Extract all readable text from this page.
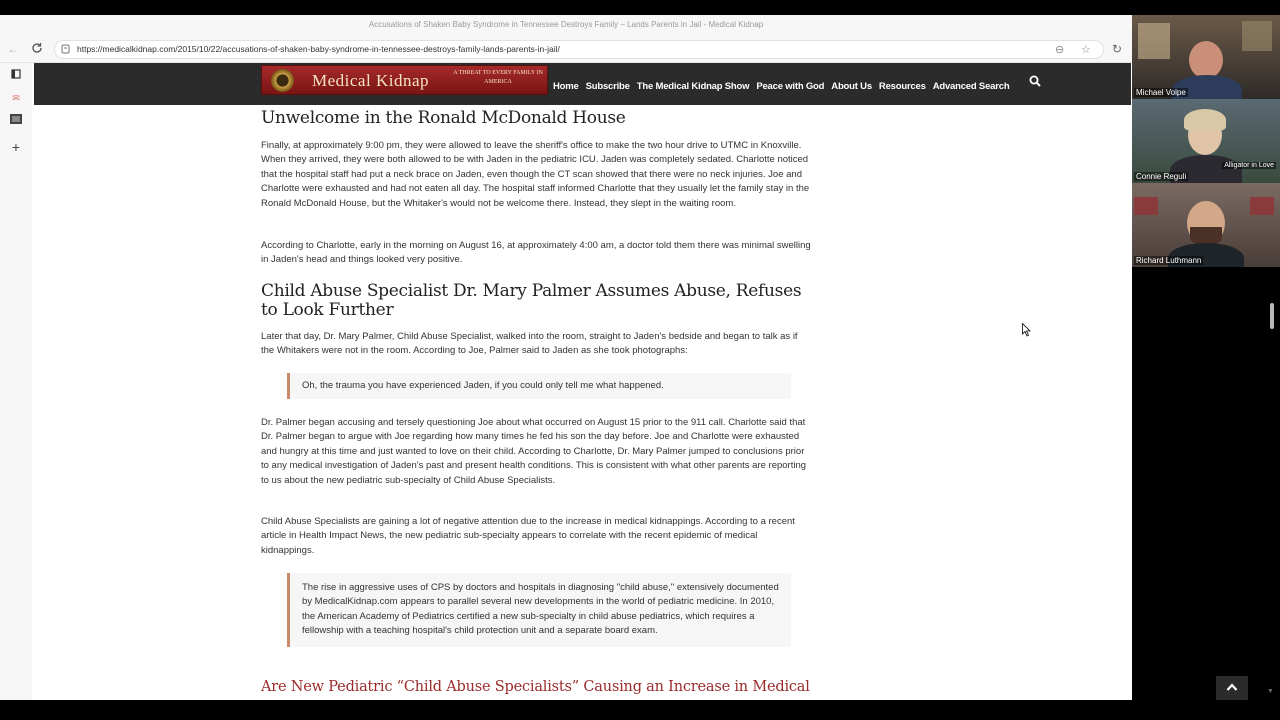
Accusations of Shaken Baby Syndrome in Tennessee Destroys Family – Lands Parents in Jail - Medical Kidnap
←	https://medicalkidnap.com/2015/10/22/accusations-of-shaken-baby-syndrome-in-tennessee-destroys-family-lands-parents-in-jail/	⊖ ☆ ↻
✉
+
Medical Kidnap	A THREAT TO EVERY FAMILY IN AMERICA	Home Subscribe The Medical Kidnap Show Peace with God About Us Resources Advanced Search
Unwelcome in the Ronald McDonald House
Finally, at approximately 9:00 pm, they were allowed to leave the sheriff's office to make the two hour drive to UTMC in Knoxville. When they arrived, they were both allowed to be with Jaden in the pediatric ICU. Jaden was completely sedated. Charlotte noticed that the hospital staff had put a neck brace on Jaden, even though the CT scan showed that there were no neck injuries. Joe and Charlotte were exhausted and had not eaten all day. The hospital staff informed Charlotte that they usually let the family stay in the Ronald McDonald House, but the Whitaker's would not be welcome there. Instead, they slept in the waiting room.
According to Charlotte, early in the morning on August 16, at approximately 4:00 am, a doctor told them there was minimal swelling in Jaden's head and things looked very positive.
Child Abuse Specialist Dr. Mary Palmer Assumes Abuse, Refuses to Look Further
Later that day, Dr. Mary Palmer, Child Abuse Specialist, walked into the room, straight to Jaden's bedside and began to talk as if the Whitakers were not in the room. According to Joe, Palmer said to Jaden as she took photographs:
Oh, the trauma you have experienced Jaden, if you could only tell me what happened.
Dr. Palmer began accusing and tersely questioning Joe about what occurred on August 15 prior to the 911 call. Charlotte said that Dr. Palmer began to argue with Joe regarding how many times he fed his son the day before. Joe and Charlotte were exhausted and hungry at this time and just wanted to love on their child. According to Charlotte, Dr. Mary Palmer jumped to conclusions prior to any medical investigation of Jaden's past and present health conditions. This is consistent with what other parents are reporting to us about the new pediatric sub-specialty of Child Abuse Specialists.
Child Abuse Specialists are gaining a lot of negative attention due to the increase in medical kidnappings. According to a recent article in Health Impact News, the new pediatric sub-specialty appears to correlate with the recent epidemic of medical kidnappings.
The rise in aggressive uses of CPS by doctors and hospitals in diagnosing "child abuse," extensively documented by MedicalKidnap.com appears to parallel several new developments in the world of pediatric medicine. In 2010, the American Academy of Pediatrics certified a new sub-specialty in child abuse pediatrics, which requires a fellowship with a teaching hospital's child protection unit and a separate board exam.
Are New Pediatric “Child Abuse Specialists” Causing an Increase in Medical	▼
Michael Volpe
Alligator in Love
Connie Reguli
Richard Luthmann
